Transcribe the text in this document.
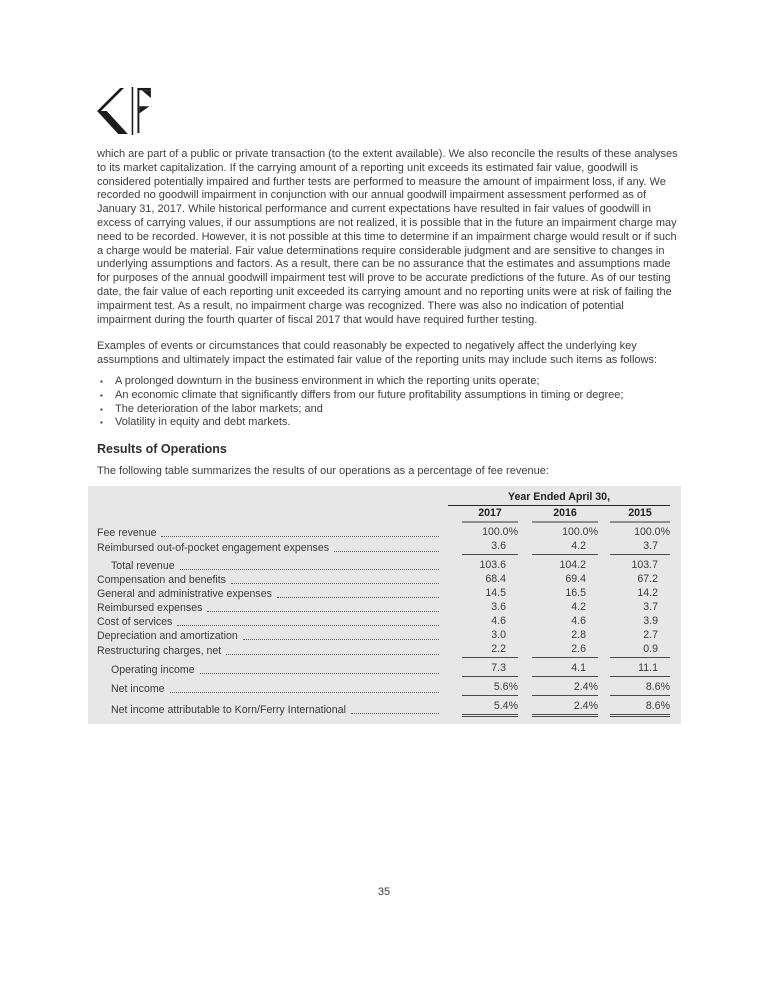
which are part of a public or private transaction (to the extent available). We also reconcile the results of these analyses to its market capitalization. If the carrying amount of a reporting unit exceeds its estimated fair value, goodwill is considered potentially impaired and further tests are performed to measure the amount of impairment loss, if any. We recorded no goodwill impairment in conjunction with our annual goodwill impairment assessment performed as of January 31, 2017. While historical performance and current expectations have resulted in fair values of goodwill in excess of carrying values, if our assumptions are not realized, it is possible that in the future an impairment charge may need to be recorded. However, it is not possible at this time to determine if an impairment charge would result or if such a charge would be material. Fair value determinations require considerable judgment and are sensitive to changes in underlying assumptions and factors. As a result, there can be no assurance that the estimates and assumptions made for purposes of the annual goodwill impairment test will prove to be accurate predictions of the future. As of our testing date, the fair value of each reporting unit exceeded its carrying amount and no reporting units were at risk of failing the impairment test. As a result, no impairment charge was recognized. There was also no indication of potential impairment during the fourth quarter of fiscal 2017 that would have required further testing.

Examples of events or circumstances that could reasonably be expected to negatively affect the underlying key assumptions and ultimately impact the estimated fair value of the reporting units may include such items as follows:

▪	A prolonged downturn in the business environment in which the reporting units operate;
▪	An economic climate that significantly differs from our future profitability assumptions in timing or degree;
▪	The deterioration of the labor markets; and
▪	Volatility in equity and debt markets.
Results of Operations

The following table summarizes the results of our operations as a percentage of fee revenue:

Year Ended April 30,
2017	2016	2015
Fee revenue	100.0%	100.0%	100.0%
Reimbursed out-of-pocket engagement expenses	3.6	4.2	3.7
Total revenue	103.6	104.2	103.7
Compensation and benefits	68.4	69.4	67.2
General and administrative expenses	14.5	16.5	14.2
Reimbursed expenses	3.6	4.2	3.7
Cost of services	4.6	4.6	3.9
Depreciation and amortization	3.0	2.8	2.7
Restructuring charges, net	2.2	2.6	0.9
Operating income	7.3	4.1	11.1
Net income	5.6%	2.4%	8.6%
Net income attributable to Korn/Ferry International	5.4%	2.4%	8.6%
35
